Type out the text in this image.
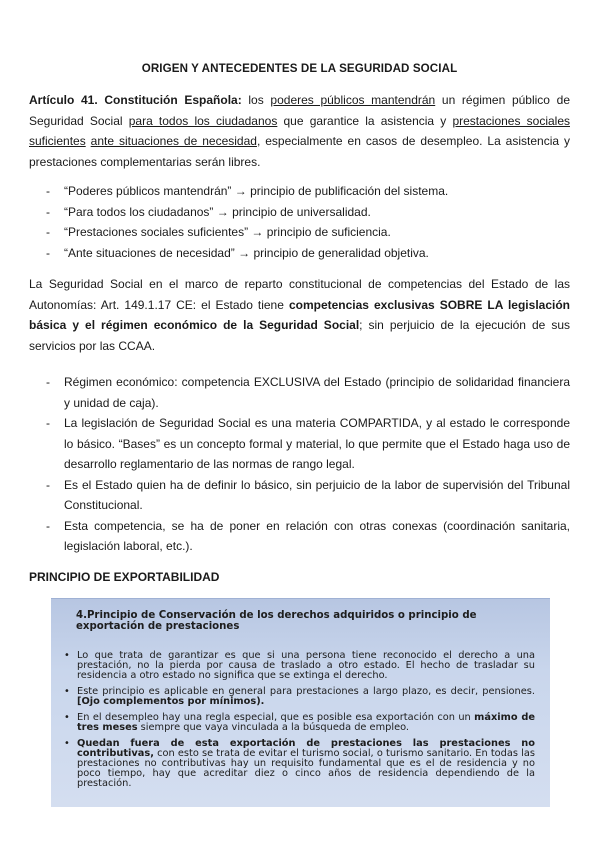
ORIGEN Y ANTECEDENTES DE LA SEGURIDAD SOCIAL

Artículo 41. Constitución Española: los poderes públicos mantendrán un régimen público de Seguridad Social para todos los ciudadanos que garantice la asistencia y prestaciones sociales suficientes ante situaciones de necesidad, especialmente en casos de desempleo. La asistencia y prestaciones complementarias serán libres.

- “Poderes públicos mantendrán” → principio de publificación del sistema.
- “Para todos los ciudadanos” → principio de universalidad.
- “Prestaciones sociales suficientes” → principio de suficiencia.
- “Ante situaciones de necesidad” → principio de generalidad objetiva.

La Seguridad Social en el marco de reparto constitucional de competencias del Estado de las Autonomías: Art. 149.1.17 CE: el Estado tiene competencias exclusivas SOBRE LA legislación básica y el régimen económico de la Seguridad Social; sin perjuicio de la ejecución de sus servicios por las CCAA.

- Régimen económico: competencia EXCLUSIVA del Estado (principio de solidaridad financiera y unidad de caja).
- La legislación de Seguridad Social es una materia COMPARTIDA, y al estado le corresponde lo básico. “Bases” es un concepto formal y material, lo que permite que el Estado haga uso de desarrollo reglamentario de las normas de rango legal.
- Es el Estado quien ha de definir lo básico, sin perjuicio de la labor de supervisión del Tribunal Constitucional.
- Esta competencia, se ha de poner en relación con otras conexas (coordinación sanitaria, legislación laboral, etc.).
PRINCIPIO DE EXPORTABILIDAD
4.Principio de Conservación de los derechos adquiridos o principio de exportación de prestaciones
• Lo que trata de garantizar es que si una persona tiene reconocido el derecho a una prestación, no la pierda por causa de traslado a otro estado. El hecho de trasladar su residencia a otro estado no significa que se extinga el derecho.
• Este principio es aplicable en general para prestaciones a largo plazo, es decir, pensiones. [Ojo complementos por mínimos).
• En el desempleo hay una regla especial, que es posible esa exportación con un máximo de tres meses siempre que vaya vinculada a la búsqueda de empleo.
• Quedan fuera de esta exportación de prestaciones las prestaciones no contributivas, con esto se trata de evitar el turismo social, o turismo sanitario. En todas las prestaciones no contributivas hay un requisito fundamental que es el de residencia y no poco tiempo, hay que acreditar diez o cinco años de residencia dependiendo de la prestación.
